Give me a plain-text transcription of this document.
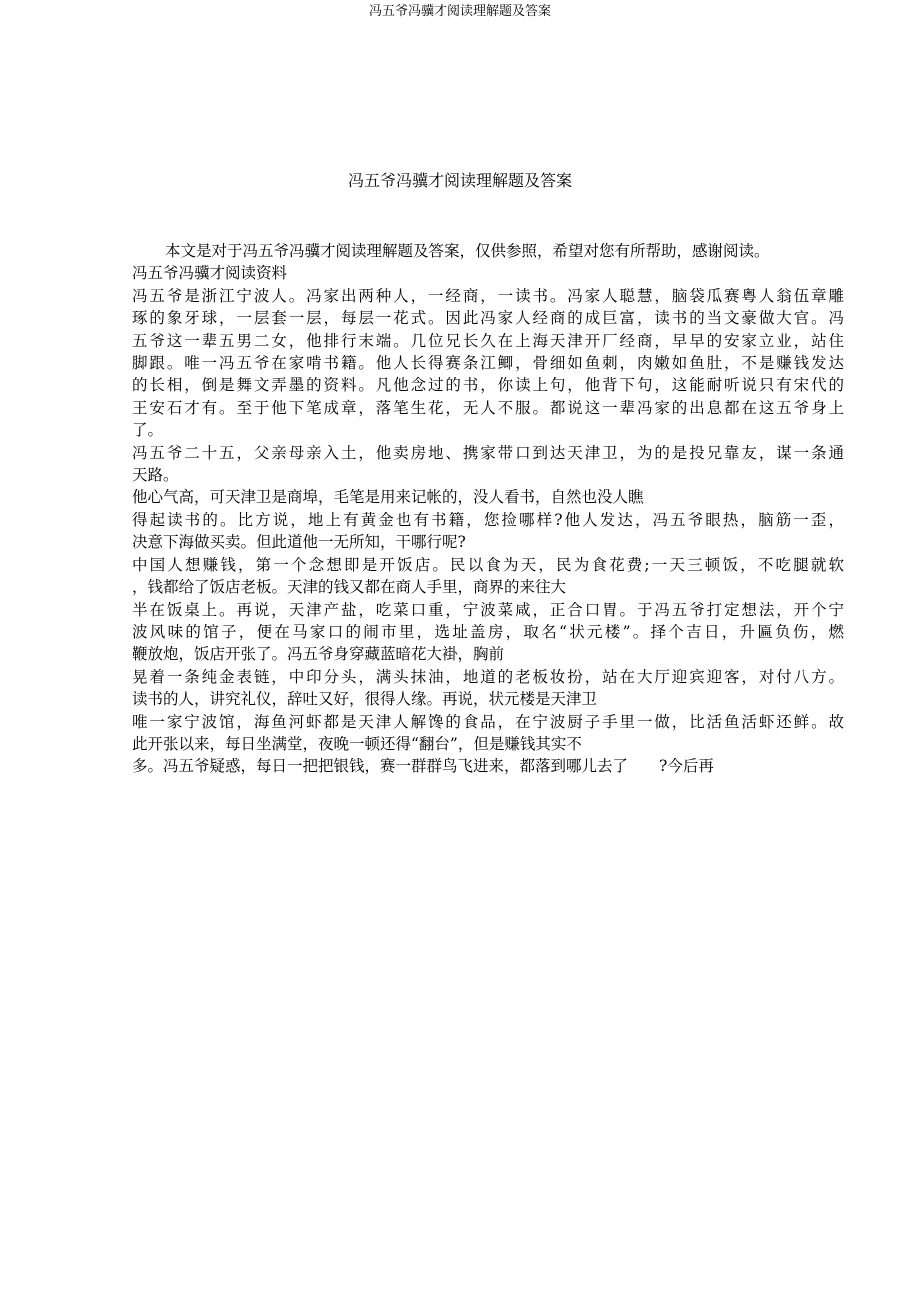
冯五爷冯骥才阅读理解题及答案
冯五爷冯骥才阅读理解题及答案

本文是对于冯五爷冯骥才阅读理解题及答案，仅供参照，希望对您有所帮助，感谢阅读。

冯五爷冯骥才阅读资料

冯五爷是浙江宁波人。冯家出两种人，一经商，一读书。冯家人聪慧，脑袋瓜赛粤人翁伍章雕

琢的象牙球，一层套一层，每层一花式。因此冯家人经商的成巨富，读书的当文豪做大官。冯

五爷这一辈五男二女，他排行末端。几位兄长久在上海天津开厂经商，早早的安家立业，站住

脚跟。唯一冯五爷在家啃书籍。他人长得赛条江鲫，骨细如鱼刺，肉嫩如鱼肚，不是赚钱发达

的长相，倒是舞文弄墨的资料。凡他念过的书，你读上句，他背下句，这能耐听说只有宋代的

王安石才有。至于他下笔成章，落笔生花，无人不服。都说这一辈冯家的出息都在这五爷身上

了。

冯五爷二十五，父亲母亲入土，他卖房地、携家带口到达天津卫，为的是投兄靠友，谋一条通

天路。

他心气高，可天津卫是商埠，毛笔是用来记帐的，没人看书，自然也没人瞧

得起读书的。比方说，地上有黄金也有书籍，您捡哪样?他人发达，冯五爷眼热，脑筋一歪，

决意下海做买卖。但此道他一无所知，干哪行呢?

中国人想赚钱，第一个念想即是开饭店。民以食为天，民为食花费;一天三顿饭，不吃腿就软

，钱都给了饭店老板。天津的钱又都在商人手里，商界的来往大

半在饭桌上。再说，天津产盐，吃菜口重，宁波菜咸，正合口胃。于冯五爷打定想法，开个宁

波风味的馆子，便在马家口的闹市里，选址盖房，取名“状元楼”。择个吉日，升匾负伤，燃

鞭放炮，饭店开张了。冯五爷身穿藏蓝暗花大褂，胸前

晃着一条纯金表链，中印分头，满头抹油，地道的老板妆扮，站在大厅迎宾迎客，对付八方。

读书的人，讲究礼仪，辞吐又好，很得人缘。再说，状元楼是天津卫

唯一家宁波馆，海鱼河虾都是天津人解馋的食品，在宁波厨子手里一做，比活鱼活虾还鲜。故

此开张以来，每日坐满堂，夜晚一顿还得“翻台”，但是赚钱其实不

多。冯五爷疑惑，每日一把把银钱，赛一群群鸟飞进来，都落到哪儿去了　　?今后再
